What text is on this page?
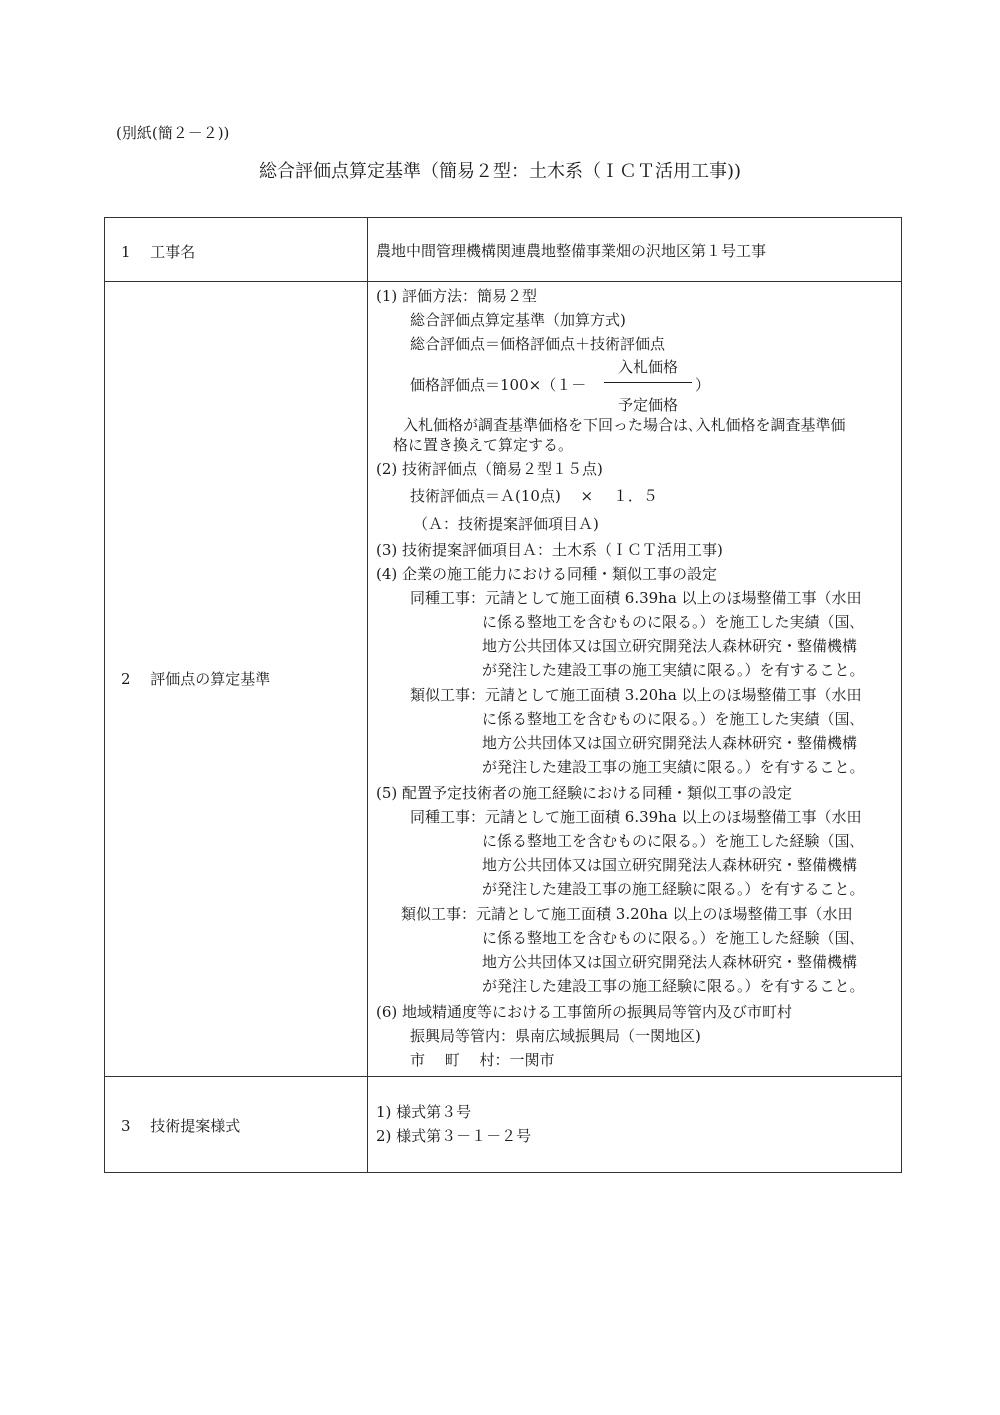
(別紙(簡２－２))
総合評価点算定基準（簡易２型：土木系（ＩＣＴ活用工事))
1　 工事名	農地中間管理機構関連農地整備事業畑の沢地区第１号工事
2　 評価点の算定基準
(1) 評価方法：簡易２型
総合評価点算定基準（加算方式)
総合評価点＝価格評価点＋技術評価点
入札価格
価格評価点＝100×（１－	）
予定価格
入札価格が調査基準価格を下回った場合は､入札価格を調査基準価
格に置き換えて算定する。
(2) 技術評価点（簡易２型１５点)
技術評価点＝Ａ(10点)　 ×　 １．５
（Ａ：技術提案評価項目Ａ)
(3) 技術提案評価項目Ａ：土木系（ＩＣＴ活用工事)
(4) 企業の施工能力における同種・類似工事の設定
同種工事：元請として施工面積 6.39ha 以上のほ場整備工事（水田
に係る整地工を含むものに限る。）を施工した実績（国､
地方公共団体又は国立研究開発法人森林研究・整備機構
が発注した建設工事の施工実績に限る。）を有すること。
類似工事：元請として施工面積 3.20ha 以上のほ場整備工事（水田
に係る整地工を含むものに限る。）を施工した実績（国､
地方公共団体又は国立研究開発法人森林研究・整備機構
が発注した建設工事の施工実績に限る。）を有すること。
(5) 配置予定技術者の施工経験における同種・類似工事の設定
同種工事：元請として施工面積 6.39ha 以上のほ場整備工事（水田
に係る整地工を含むものに限る。）を施工した経験（国､
地方公共団体又は国立研究開発法人森林研究・整備機構
が発注した建設工事の施工経験に限る。）を有すること。
類似工事：元請として施工面積 3.20ha 以上のほ場整備工事（水田
に係る整地工を含むものに限る。）を施工した経験（国､
地方公共団体又は国立研究開発法人森林研究・整備機構
が発注した建設工事の施工経験に限る。）を有すること。
(6) 地域精通度等における工事箇所の振興局等管内及び市町村
振興局等管内：県南広域振興局（一関地区)
市　 町　 村：一関市
3　 技術提案様式
1) 様式第３号
2) 様式第３－１－２号
